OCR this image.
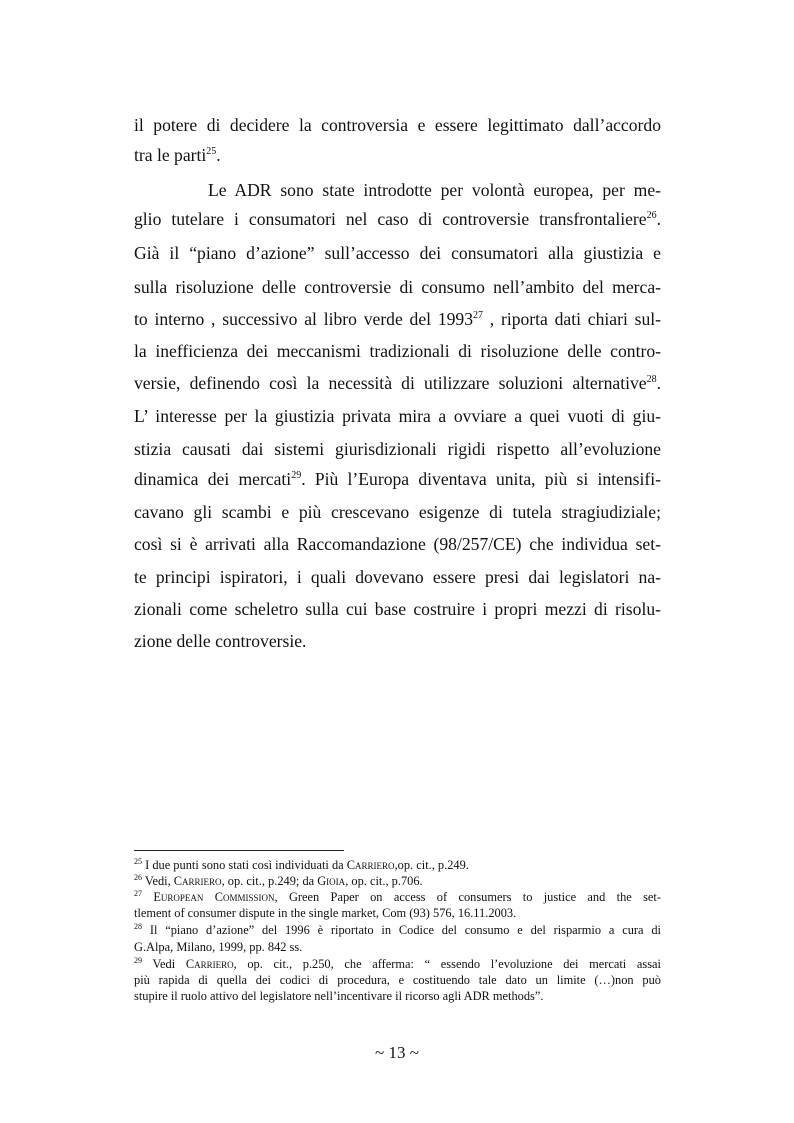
il potere di decidere la controversia e essere legittimato dall’accordo
tra le parti$^{25}$.
Le ADR sono state introdotte per volontà europea, per me-
glio tutelare i consumatori nel caso di controversie transfrontaliere$^{26}$.
Già il “piano d’azione” sull’accesso dei consumatori alla giustizia e
sulla risoluzione delle controversie di consumo nell’ambito del merca-
to interno , successivo al libro verde del 1993$^{27}$ , riporta dati chiari sul-
la inefficienza dei meccanismi tradizionali di risoluzione delle contro-
versie, definendo così la necessità di utilizzare soluzioni alternative$^{28}$.
L’ interesse per la giustizia privata mira a ovviare a quei vuoti di giu-
stizia causati dai sistemi giurisdizionali rigidi rispetto all’evoluzione
dinamica dei mercati$^{29}$. Più l’Europa diventava unita, più si intensifi-
cavano gli scambi e più crescevano esigenze di tutela stragiudiziale;
così si è arrivati alla Raccomandazione (98/257/CE) che individua set-
te principi ispiratori, i quali dovevano essere presi dai legislatori na-
zionali come scheletro sulla cui base costruire i propri mezzi di risolu-
zione delle controversie.
$^{25}$ I due punti sono stati così individuati da Carriero,op. cit., p.249.
$^{26}$ Vedi, Carriero, op. cit., p.249; da Gioia, op. cit., p.706.
$^{27}$ European Commission, Green Paper on access of consumers to justice and the set-
tlement of consumer dispute in the single market, Com (93) 576, 16.11.2003.
$^{28}$ Il “piano d’azione” del 1996 è riportato in Codice del consumo e del risparmio a cura di
G.Alpa, Milano, 1999, pp. 842 ss.
$^{29}$ Vedi Carriero, op. cit., p.250, che afferma: “ essendo l’evoluzione dei mercati assai
più rapida di quella dei codici di procedura, e costituendo tale dato un limite (…)non può
stupire il ruolo attivo del legislatore nell’incentivare il ricorso agli ADR methods”.
~ 13 ~
